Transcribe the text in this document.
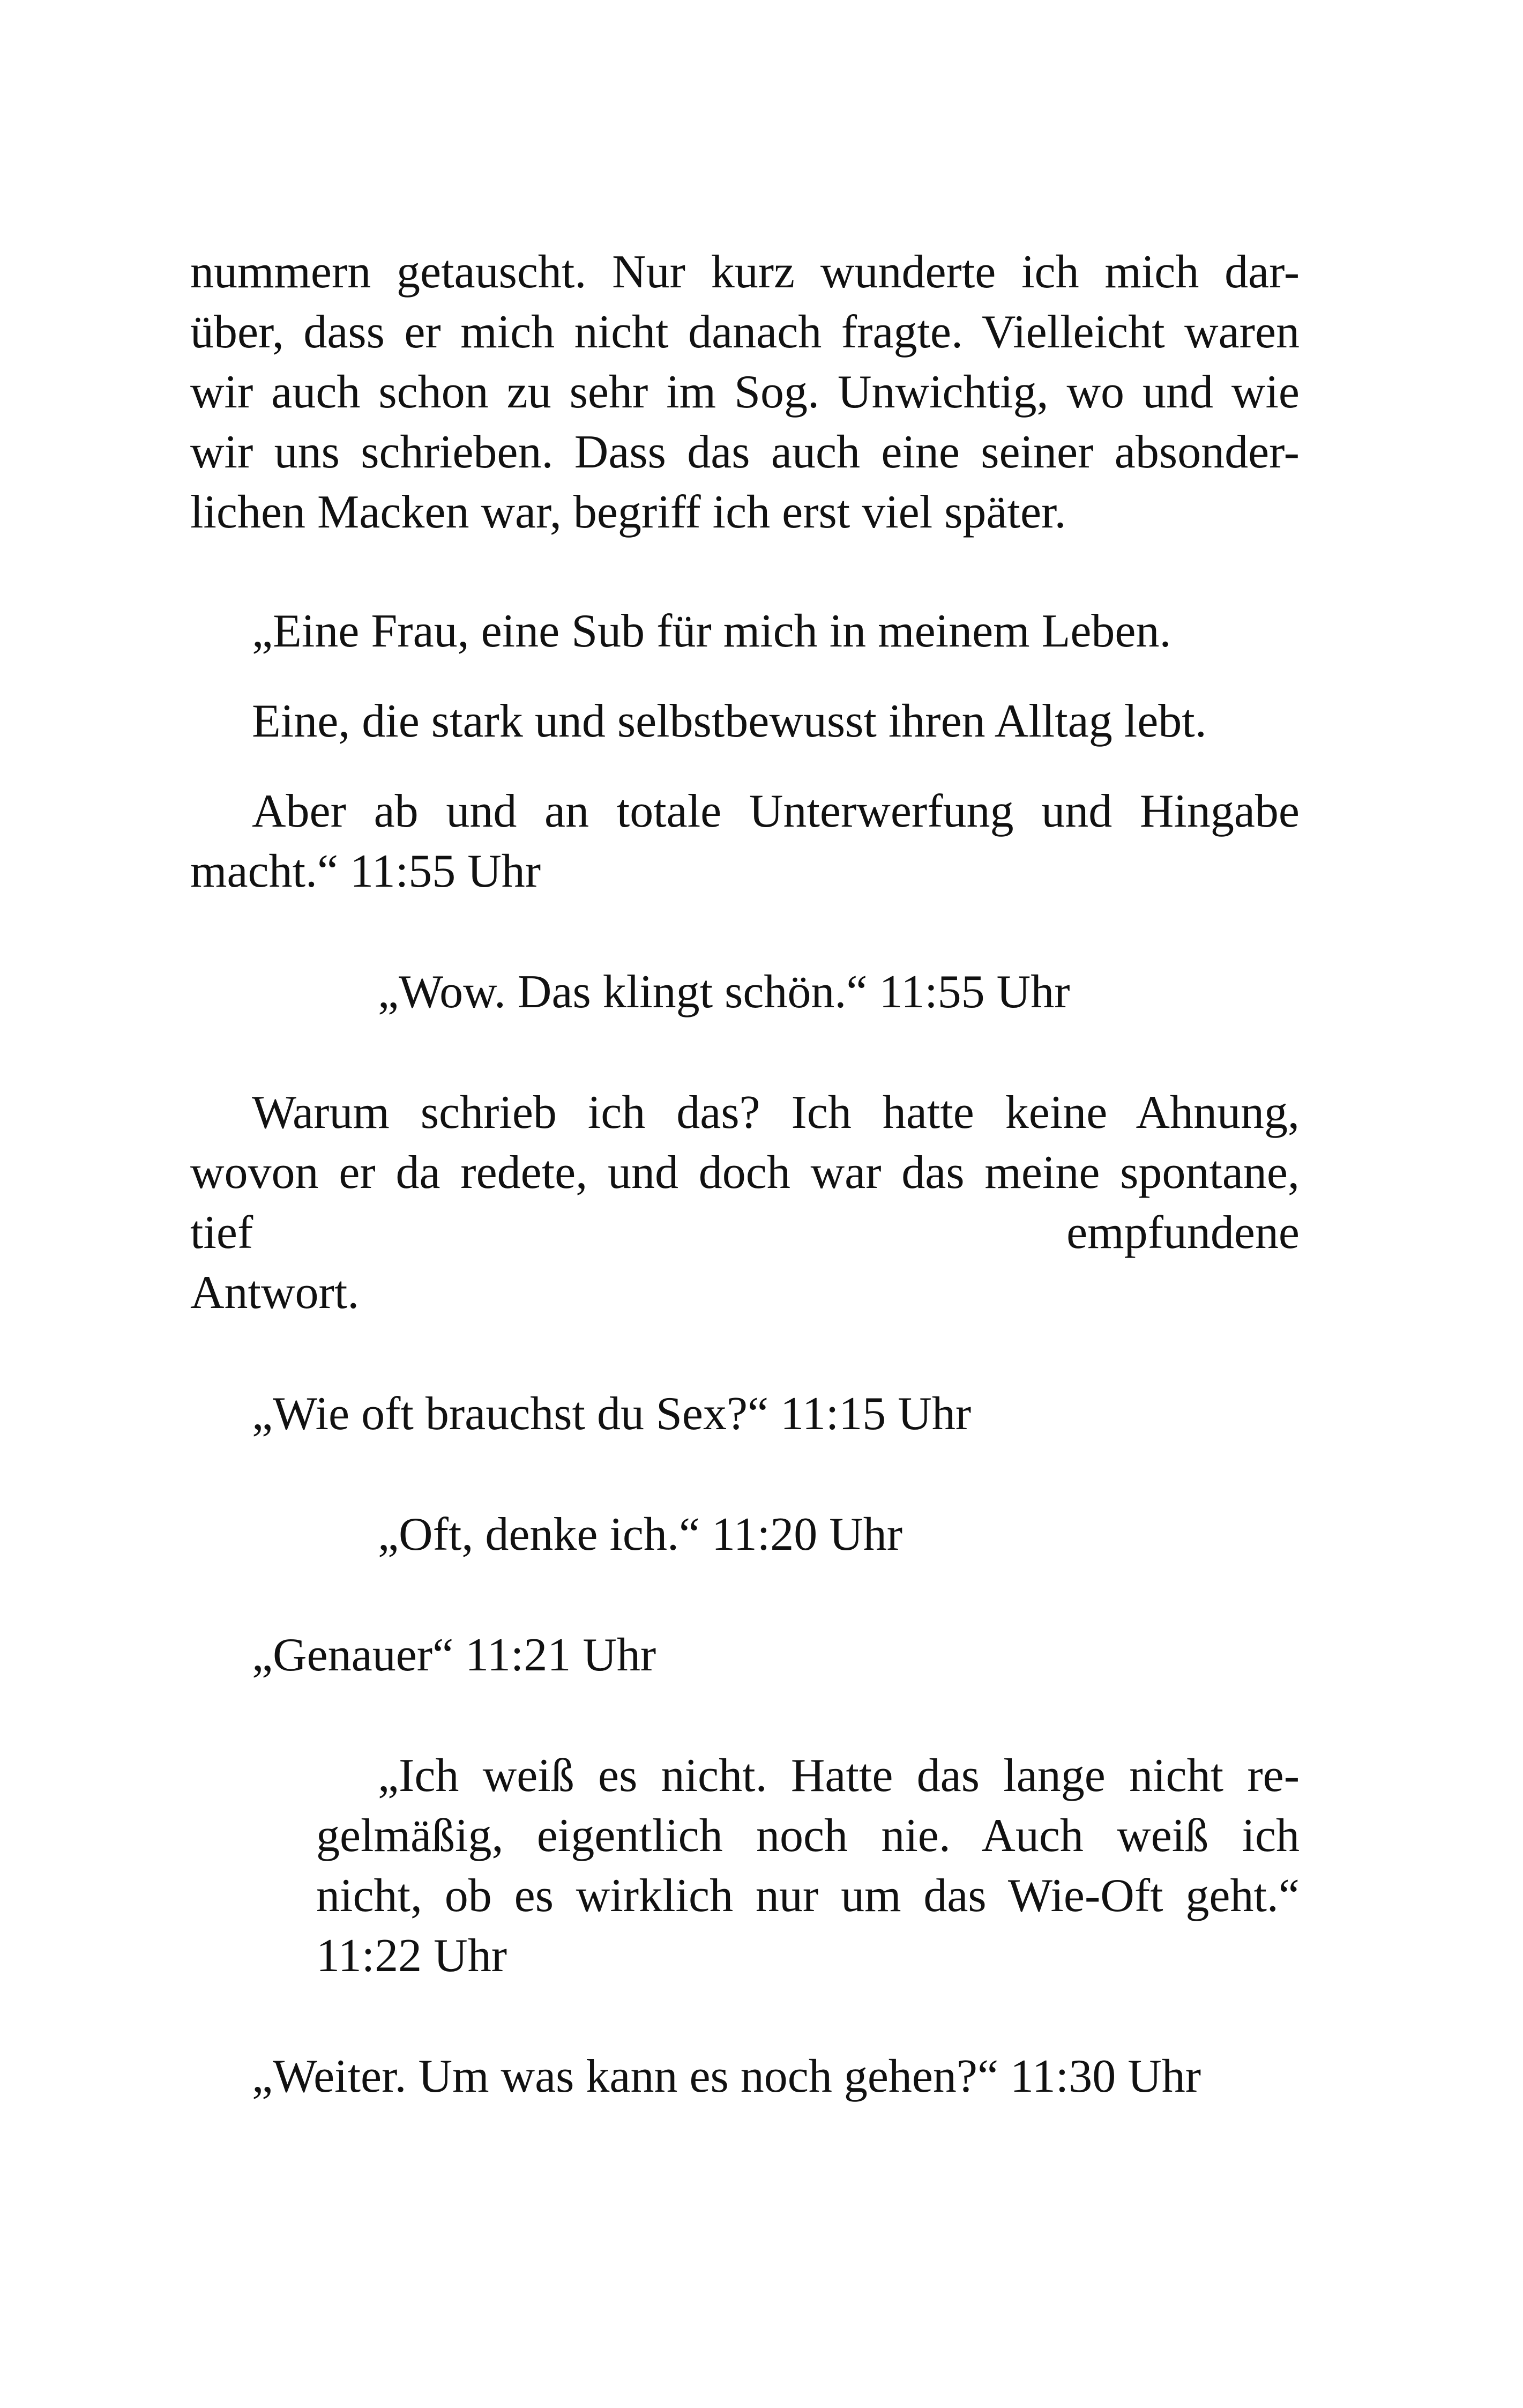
nummern getauscht. Nur kurz wunderte ich mich dar-
über, dass er mich nicht danach fragte. Vielleicht waren
wir auch schon zu sehr im Sog. Unwichtig, wo und wie
wir uns schrieben. Dass das auch eine seiner absonder-
lichen Macken war, begriff ich erst viel später.
„Eine Frau, eine Sub für mich in meinem Leben.
Eine, die stark und selbstbewusst ihren Alltag lebt.
Aber ab und an totale Unterwerfung und Hingabe
macht.“ 11:55 Uhr
„Wow. Das klingt schön.“ 11:55 Uhr
Warum schrieb ich das? Ich hatte keine Ahnung,
wovon er da redete, und doch war das meine spontane,
tief	empfundene
Antwort.
„Wie oft brauchst du Sex?“ 11:15 Uhr
„Oft, denke ich.“ 11:20 Uhr
„Genauer“ 11:21 Uhr
„Ich weiß es nicht. Hatte das lange nicht re-
gelmäßig, eigentlich noch nie. Auch weiß ich
nicht, ob es wirklich nur um das Wie-Oft geht.“
11:22 Uhr
„Weiter. Um was kann es noch gehen?“ 11:30 Uhr
